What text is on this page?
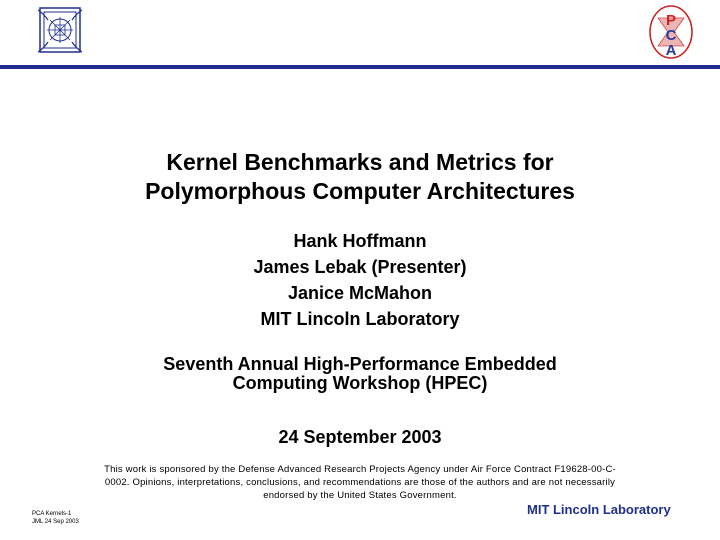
P
C
A
Kernel Benchmarks and Metrics for
Polymorphous Computer Architectures
Hank Hoffmann
James Lebak (Presenter)
Janice McMahon
MIT Lincoln Laboratory
Seventh Annual High-Performance Embedded
Computing Workshop (HPEC)
24 September 2003
This work is sponsored by the Defense Advanced Research Projects Agency under Air Force Contract F19628-00-C-
0002. Opinions, interpretations, conclusions, and recommendations are those of the authors and are not necessarily
endorsed by the United States Government.
PCA Kernels-1
JML 24 Sep 2003
MIT Lincoln Laboratory
